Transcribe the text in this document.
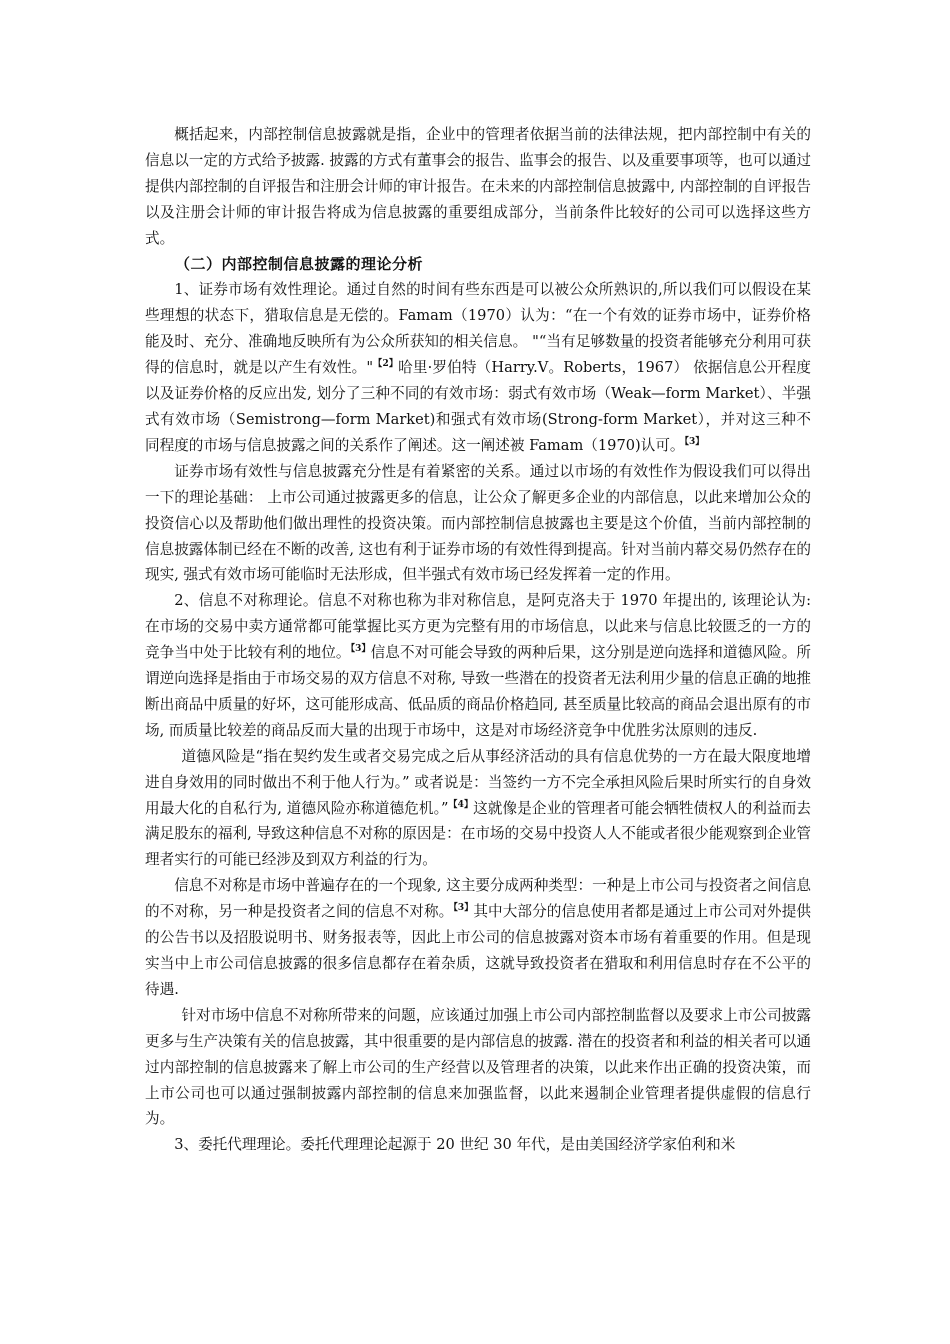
概括起来，内部控制信息披露就是指，企业中的管理者依据当前的法律法规，把内部控制中有关的信息以一定的方式给予披露. 披露的方式有董事会的报告、监事会的报告、以及重要事项等，也可以通过提供内部控制的自评报告和注册会计师的审计报告。在未来的内部控制信息披露中, 内部控制的自评报告以及注册会计师的审计报告将成为信息披露的重要组成部分，当前条件比较好的公司可以选择这些方式。

（二）内部控制信息披露的理论分析

1、证券市场有效性理论。通过自然的时间有些东西是可以被公众所熟识的,所以我们可以假设在某些理想的状态下，猎取信息是无偿的。Famam（1970）认为：“在一个有效的证券市场中，证券价格能及时、充分、准确地反映所有为公众所获知的相关信息。 "“当有足够数量的投资者能够充分利用可获得的信息时，就是以产生有效性。"$^{【2】}$哈里·罗伯特（Harry.V。Roberts，1967） 依据信息公开程度以及证券价格的反应出发, 划分了三种不同的有效市场：弱式有效市场（Weak—form Market）、半强式有效市场（Semistrong—form Market)和强式有效市场(Strong-form Market），并对这三种不同程度的市场与信息披露之间的关系作了阐述。这一阐述被 Famam（1970)认可。$^{【3】}$

证券市场有效性与信息披露充分性是有着紧密的关系。通过以市场的有效性作为假设我们可以得出一下的理论基础： 上市公司通过披露更多的信息，让公众了解更多企业的内部信息，以此来增加公众的投资信心以及帮助他们做出理性的投资决策。而内部控制信息披露也主要是这个价值，当前内部控制的信息披露体制已经在不断的改善, 这也有利于证券市场的有效性得到提高。针对当前内幕交易仍然存在的现实, 强式有效市场可能临时无法形成，但半强式有效市场已经发挥着一定的作用。

2、信息不对称理论。信息不对称也称为非对称信息，是阿克洛夫于 1970 年提出的, 该理论认为:在市场的交易中卖方通常都可能掌握比买方更为完整有用的市场信息，以此来与信息比较匮乏的一方的竞争当中处于比较有利的地位。$^{【3】}$信息不对可能会导致的两种后果，这分别是逆向选择和道德风险。所谓逆向选择是指由于市场交易的双方信息不对称, 导致一些潜在的投资者无法利用少量的信息正确的地推断出商品中质量的好坏，这可能形成高、低品质的商品价格趋同, 甚至质量比较高的商品会退出原有的市场, 而质量比较差的商品反而大量的出现于市场中，这是对市场经济竞争中优胜劣汰原则的违反.

道德风险是“指在契约发生或者交易完成之后从事经济活动的具有信息优势的一方在最大限度地增进自身效用的同时做出不利于他人行为。” 或者说是：当签约一方不完全承担风险后果时所实行的自身效用最大化的自私行为, 道德风险亦称道德危机。”$^{【4】}$这就像是企业的管理者可能会牺牲债权人的利益而去满足股东的福利, 导致这种信息不对称的原因是：在市场的交易中投资人人不能或者很少能观察到企业管理者实行的可能已经涉及到双方利益的行为。

信息不对称是市场中普遍存在的一个现象, 这主要分成两种类型：一种是上市公司与投资者之间信息的不对称，另一种是投资者之间的信息不对称。$^{【3】}$其中大部分的信息使用者都是通过上市公司对外提供的公告书以及招股说明书、财务报表等，因此上市公司的信息披露对资本市场有着重要的作用。但是现实当中上市公司信息披露的很多信息都存在着杂质，这就导致投资者在猎取和利用信息时存在不公平的待遇.

针对市场中信息不对称所带来的问题，应该通过加强上市公司内部控制监督以及要求上市公司披露更多与生产决策有关的信息披露，其中很重要的是内部信息的披露. 潜在的投资者和利益的相关者可以通过内部控制的信息披露来了解上市公司的生产经营以及管理者的决策，以此来作出正确的投资决策，而上市公司也可以通过强制披露内部控制的信息来加强监督，以此来遏制企业管理者提供虚假的信息行为。

3、委托代理理论。委托代理理论起源于 20 世纪 30 年代，是由美国经济学家伯利和米
